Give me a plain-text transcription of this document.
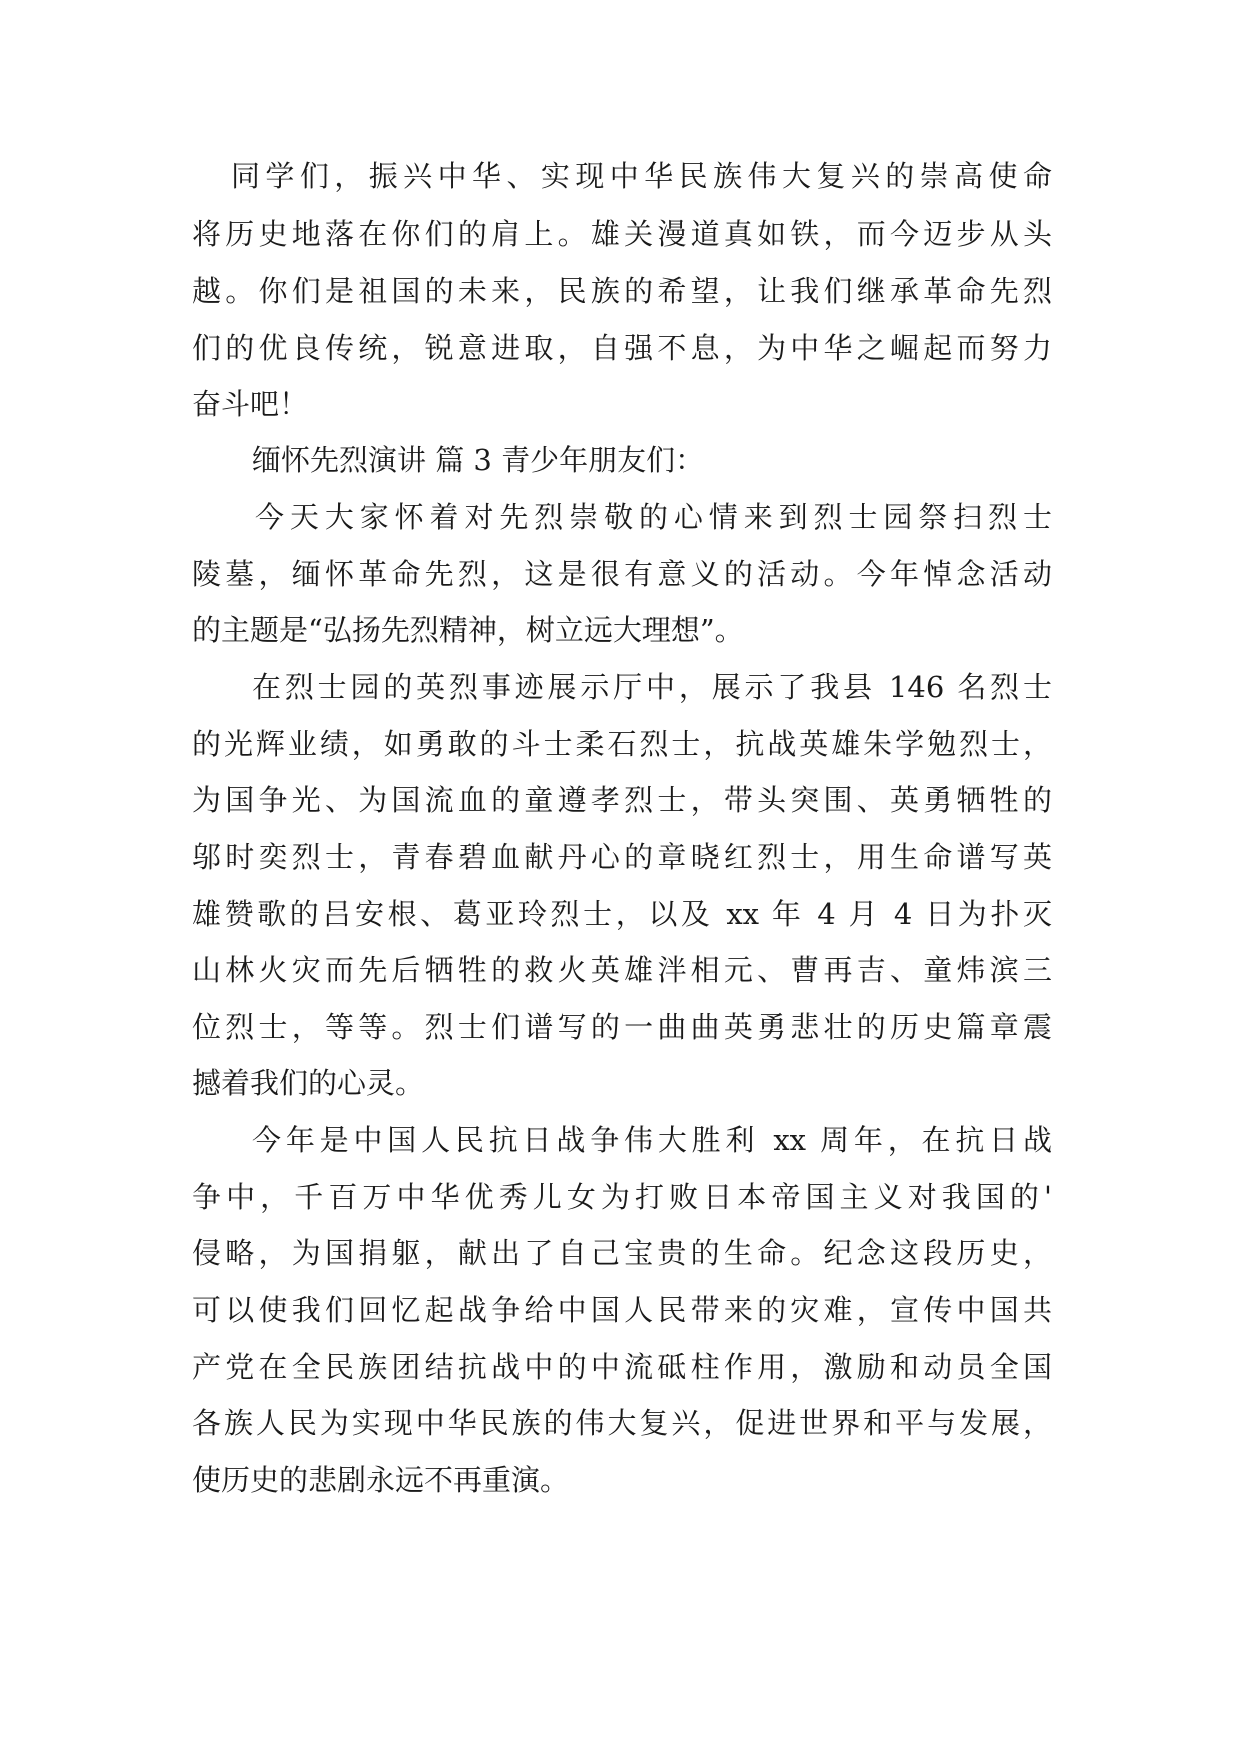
同学们，振兴中华、实现中华民族伟大复兴的崇高使命

将历史地落在你们的肩上。雄关漫道真如铁，而今迈步从头

越。你们是祖国的未来，民族的希望，让我们继承革命先烈

们的优良传统，锐意进取，自强不息，为中华之崛起而努力

奋斗吧！

缅怀先烈演讲 篇 3 青少年朋友们：

今天大家怀着对先烈崇敬的心情来到烈士园祭扫烈士

陵墓，缅怀革命先烈，这是很有意义的活动。今年悼念活动

的主题是“弘扬先烈精神，树立远大理想”。

在烈士园的英烈事迹展示厅中，展示了我县 146 名烈士

的光辉业绩，如勇敢的斗士柔石烈士，抗战英雄朱学勉烈士，

为国争光、为国流血的童遵孝烈士，带头突围、英勇牺牲的

邬时奕烈士，青春碧血献丹心的章晓红烈士，用生命谱写英

雄赞歌的吕安根、葛亚玲烈士，以及 xx 年 4 月 4 日为扑灭

山林火灾而先后牺牲的救火英雄泮相元、曹再吉、童炜滨三

位烈士，等等。烈士们谱写的一曲曲英勇悲壮的历史篇章震

撼着我们的心灵。

今年是中国人民抗日战争伟大胜利 xx 周年，在抗日战

争中，千百万中华优秀儿女为打败日本帝国主义对我国的'

侵略，为国捐躯，献出了自己宝贵的生命。纪念这段历史，

可以使我们回忆起战争给中国人民带来的灾难，宣传中国共

产党在全民族团结抗战中的中流砥柱作用，激励和动员全国

各族人民为实现中华民族的伟大复兴，促进世界和平与发展，

使历史的悲剧永远不再重演。
